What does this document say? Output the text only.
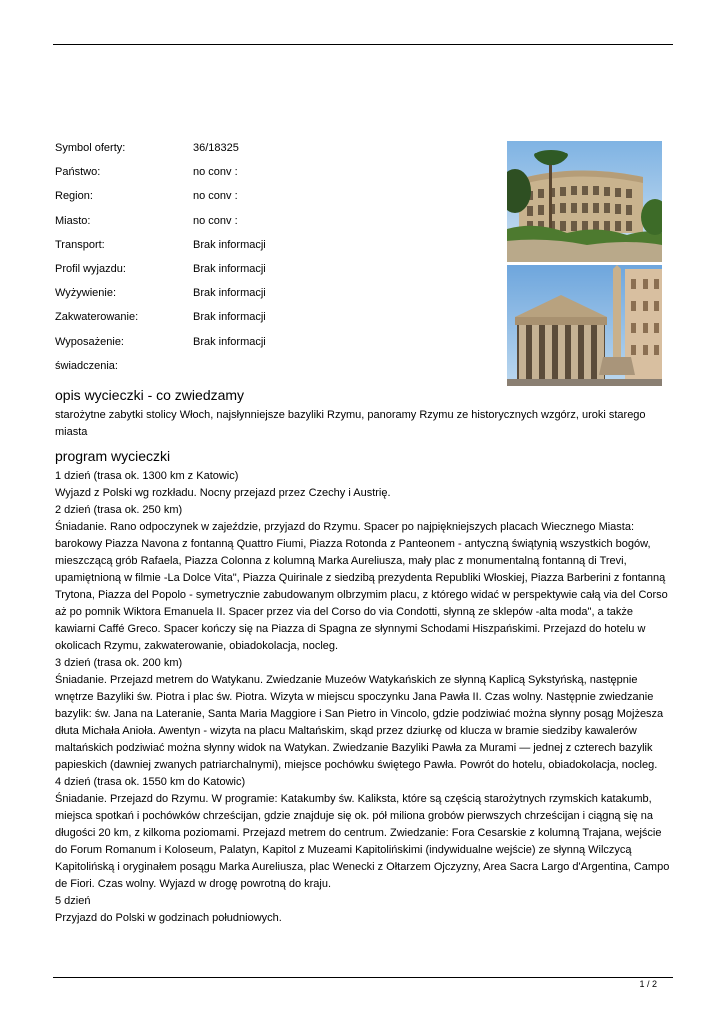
Symbol oferty:	36/18325
Państwo:	no conv :
Region:	no conv :
Miasto:	no conv :
Transport:	Brak informacji
Profil wyjazdu:	Brak informacji
Wyżywienie:	Brak informacji
Zakwaterowanie:	Brak informacji
Wyposażenie:	Brak informacji
świadczenia:
opis wycieczki - co zwiedzamy

starożytne zabytki stolicy Włoch, najsłynniejsze bazyliki Rzymu, panoramy Rzymu ze historycznych wzgórz, uroki starego miasta

program wycieczki

1 dzień (trasa ok. 1300 km z Katowic)

Wyjazd z Polski wg rozkładu. Nocny przejazd przez Czechy i Austrię.

2 dzień (trasa ok. 250 km)

Śniadanie. Rano odpoczynek w zajeździe, przyjazd do Rzymu. Spacer po najpiękniejszych placach Wiecznego Miasta: barokowy Piazza Navona z fontanną Quattro Fiumi, Piazza Rotonda z Panteonem - antyczną świątynią wszystkich bogów, mieszczącą grób Rafaela, Piazza Colonna z kolumną Marka Aureliusza, mały plac z monumentalną fontanną di Trevi, upamiętnioną w filmie -La Dolce Vita", Piazza Quirinale z siedzibą prezydenta Republiki Włoskiej, Piazza Barberini z fontanną Trytona, Piazza del Popolo - symetrycznie zabudowanym olbrzymim placu, z którego widać w perspektywie całą via del Corso aż po pomnik Wiktora Emanuela II. Spacer przez via del Corso do via Condotti, słynną ze sklepów -alta moda", a także kawiarni Caffé Greco. Spacer kończy się na Piazza di Spagna ze słynnymi Schodami Hiszpańskimi. Przejazd do hotelu w okolicach Rzymu, zakwaterowanie, obiadokolacja, nocleg.

3 dzień (trasa ok. 200 km)

Śniadanie. Przejazd metrem do Watykanu. Zwiedzanie Muzeów Watykańskich ze słynną Kaplicą Sykstyńską, następnie wnętrze Bazyliki św. Piotra i plac św. Piotra. Wizyta w miejscu spoczynku Jana Pawła II. Czas wolny. Następnie zwiedzanie bazylik: św. Jana na Lateranie, Santa Maria Maggiore i San Pietro in Vincolo, gdzie podziwiać można słynny posąg Mojżesza dłuta Michała Anioła. Awentyn - wizyta na placu Maltańskim, skąd przez dziurkę od klucza w bramie siedziby kawalerów maltańskich podziwiać można słynny widok na Watykan. Zwiedzanie Bazyliki Pawła za Murami — jednej z czterech bazylik papieskich (dawniej zwanych patriarchalnymi), miejsce pochówku świętego Pawła. Powrót do hotelu, obiadokolacja, nocleg.

4 dzień (trasa ok. 1550 km do Katowic)

Śniadanie. Przejazd do Rzymu. W programie: Katakumby św. Kaliksta, które są częścią starożytnych rzymskich katakumb, miejsca spotkań i pochówków chrześcijan, gdzie znajduje się ok. pół miliona grobów pierwszych chrześcijan i ciągną się na długości 20 km, z kilkoma poziomami. Przejazd metrem do centrum. Zwiedzanie: Fora Cesarskie z kolumną Trajana, wejście do Forum Romanum i Koloseum, Palatyn, Kapitol z Muzeami Kapitolińskimi (indywidualne wejście) ze słynną Wilczycą Kapitolińską i oryginałem posągu Marka Aureliusza, plac Wenecki z Ołtarzem Ojczyzny, Area Sacra Largo d'Argentina, Campo de Fiori. Czas wolny. Wyjazd w drogę powrotną do kraju.

5 dzień

Przyjazd do Polski w godzinach południowych.

1 / 2
